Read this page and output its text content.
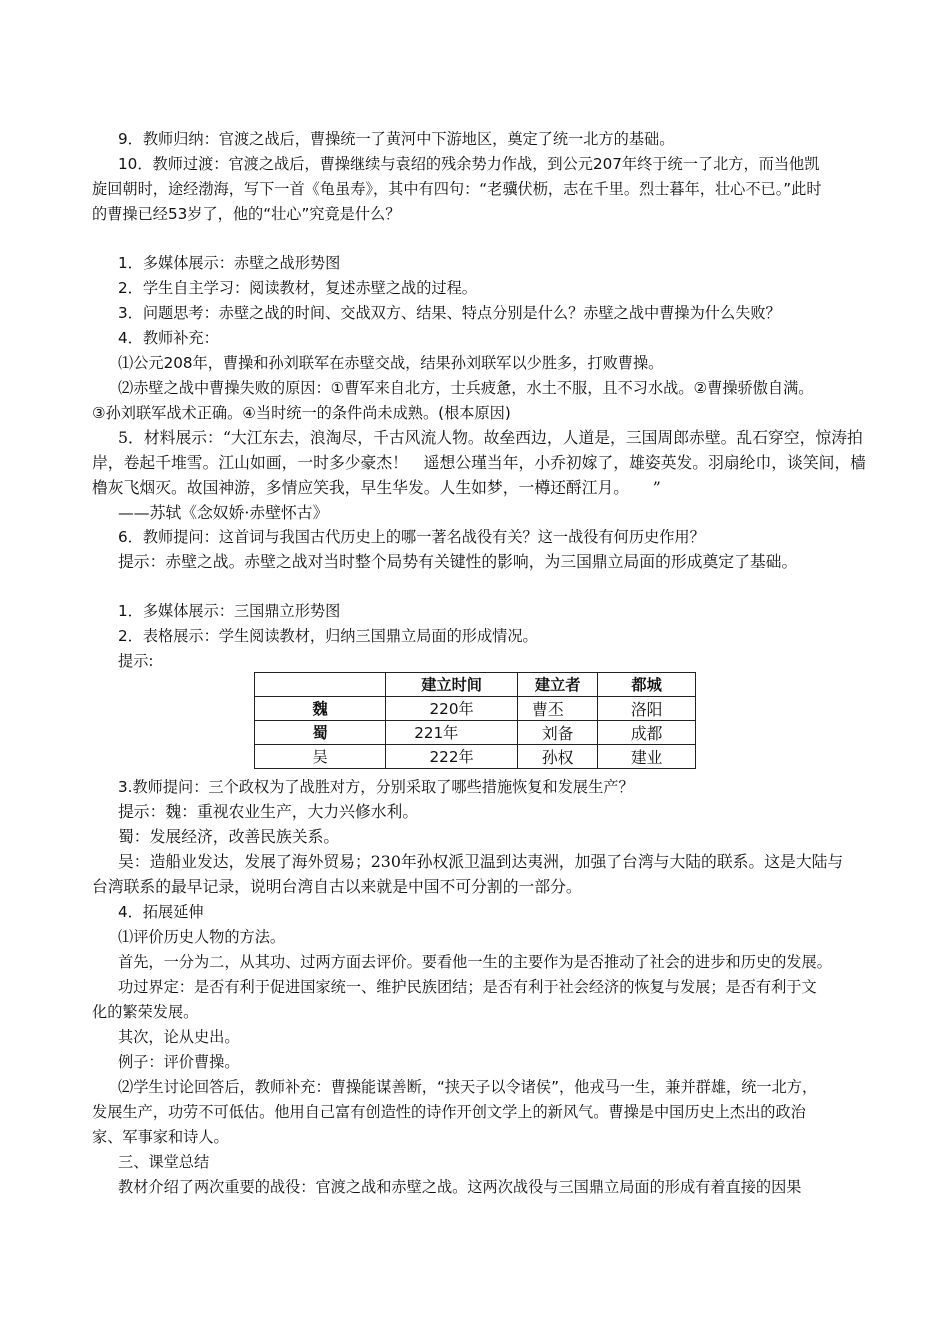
9．教师归纳：官渡之战后，曹操统一了黄河中下游地区，奠定了统一北方的基础。
10．教师过渡：官渡之战后，曹操继续与袁绍的残余势力作战，到公元207年终于统一了北方，而当他凯
旋回朝时，途经渤海，写下一首《龟虽寿》，其中有四句：“老骥伏枥，志在千里。烈士暮年，壮心不已。”此时
的曹操已经53岁了，他的“壮心”究竟是什么？
1．多媒体展示：赤壁之战形势图
2．学生自主学习：阅读教材，复述赤壁之战的过程。
3．问题思考：赤壁之战的时间、交战双方、结果、特点分别是什么？赤壁之战中曹操为什么失败？
4．教师补充：
⑴公元208年，曹操和孙刘联军在赤壁交战，结果孙刘联军以少胜多，打败曹操。
⑵赤壁之战中曹操失败的原因：①曹军来自北方，士兵疲惫，水土不服，且不习水战。②曹操骄傲自满。
③孙刘联军战术正确。④当时统一的条件尚未成熟。(根本原因)
5．材料展示：“大江东去，浪淘尽，千古风流人物。故垒西边，人道是，三国周郎赤壁。乱石穿空，惊涛拍
岸，卷起千堆雪。江山如画，一时多少豪杰！　遥想公瑾当年，小乔初嫁了，雄姿英发。羽扇纶巾，谈笑间，樯
橹灰飞烟灭。故国神游，多情应笑我，早生华发。人生如梦，一樽还酹江月。　　”
——苏轼《念奴娇·赤壁怀古》
6．教师提问：这首词与我国古代历史上的哪一著名战役有关？这一战役有何历史作用？
提示：赤壁之战。赤壁之战对当时整个局势有关键性的影响，为三国鼎立局面的形成奠定了基础。
1．多媒体展示：三国鼎立形势图
2．表格展示：学生阅读教材，归纳三国鼎立局面的形成情况。
提示:
	建立时间	建立者	都城
魏	220年	曹丕	洛阳
蜀	221年	刘备	成都
吴	222年	孙权	建业
3.教师提问：三个政权为了战胜对方，分别采取了哪些措施恢复和发展生产？
提示：魏：重视农业生产，大力兴修水利。
蜀：发展经济，改善民族关系。
吴：造船业发达，发展了海外贸易；230年孙权派卫温到达夷洲，加强了台湾与大陆的联系。这是大陆与
台湾联系的最早记录，说明台湾自古以来就是中国不可分割的一部分。
4．拓展延伸
⑴评价历史人物的方法。
首先，一分为二，从其功、过两方面去评价。要看他一生的主要作为是否推动了社会的进步和历史的发展。
功过界定：是否有利于促进国家统一、维护民族团结；是否有利于社会经济的恢复与发展；是否有利于文
化的繁荣发展。
其次，论从史出。
例子：评价曹操。
⑵学生讨论回答后，教师补充：曹操能谋善断，“挟天子以令诸侯”，他戎马一生，兼并群雄，统一北方，
发展生产，功劳不可低估。他用自己富有创造性的诗作开创文学上的新风气。曹操是中国历史上杰出的政治
家、军事家和诗人。
三、课堂总结
教材介绍了两次重要的战役：官渡之战和赤壁之战。这两次战役与三国鼎立局面的形成有着直接的因果
